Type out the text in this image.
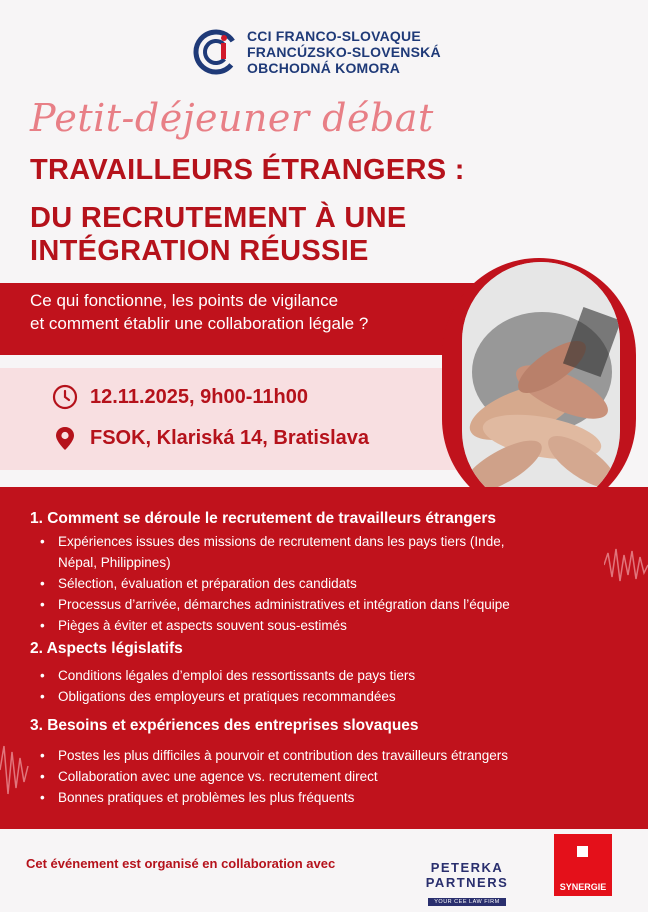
CCI FRANCO-SLOVAQUE
FRANCÚZSKO-SLOVENSKÁ
OBCHODNÁ KOMORA
Petit-déjeuner débat
TRAVAILLEURS ÉTRANGERS :
DU RECRUTEMENT À UNE
INTÉGRATION RÉUSSIE
Ce qui fonctionne, les points de vigilance
et comment établir une collaboration légale ?
12.11.2025, 9h00-11h00
FSOK, Klariská 14, Bratislava
1. Comment se déroule le recrutement de travailleurs étrangers
• Expériences issues des missions de recrutement dans les pays tiers (Inde,
Népal, Philippines)
• Sélection, évaluation et préparation des candidats
• Processus d’arrivée, démarches administratives et intégration dans l’équipe
• Pièges à éviter et aspects souvent sous-estimés
2. Aspects législatifs
• Conditions légales d’emploi des ressortissants de pays tiers
• Obligations des employeurs et pratiques recommandées
3. Besoins et expériences des entreprises slovaques
• Postes les plus difficiles à pourvoir et contribution des travailleurs étrangers
• Collaboration avec une agence vs. recrutement direct
• Bonnes pratiques et problèmes les plus fréquents
Cet événement est organisé en collaboration avec	PETERKA PARTNERS
YOUR CEE LAW FIRM
SYNERGIE
